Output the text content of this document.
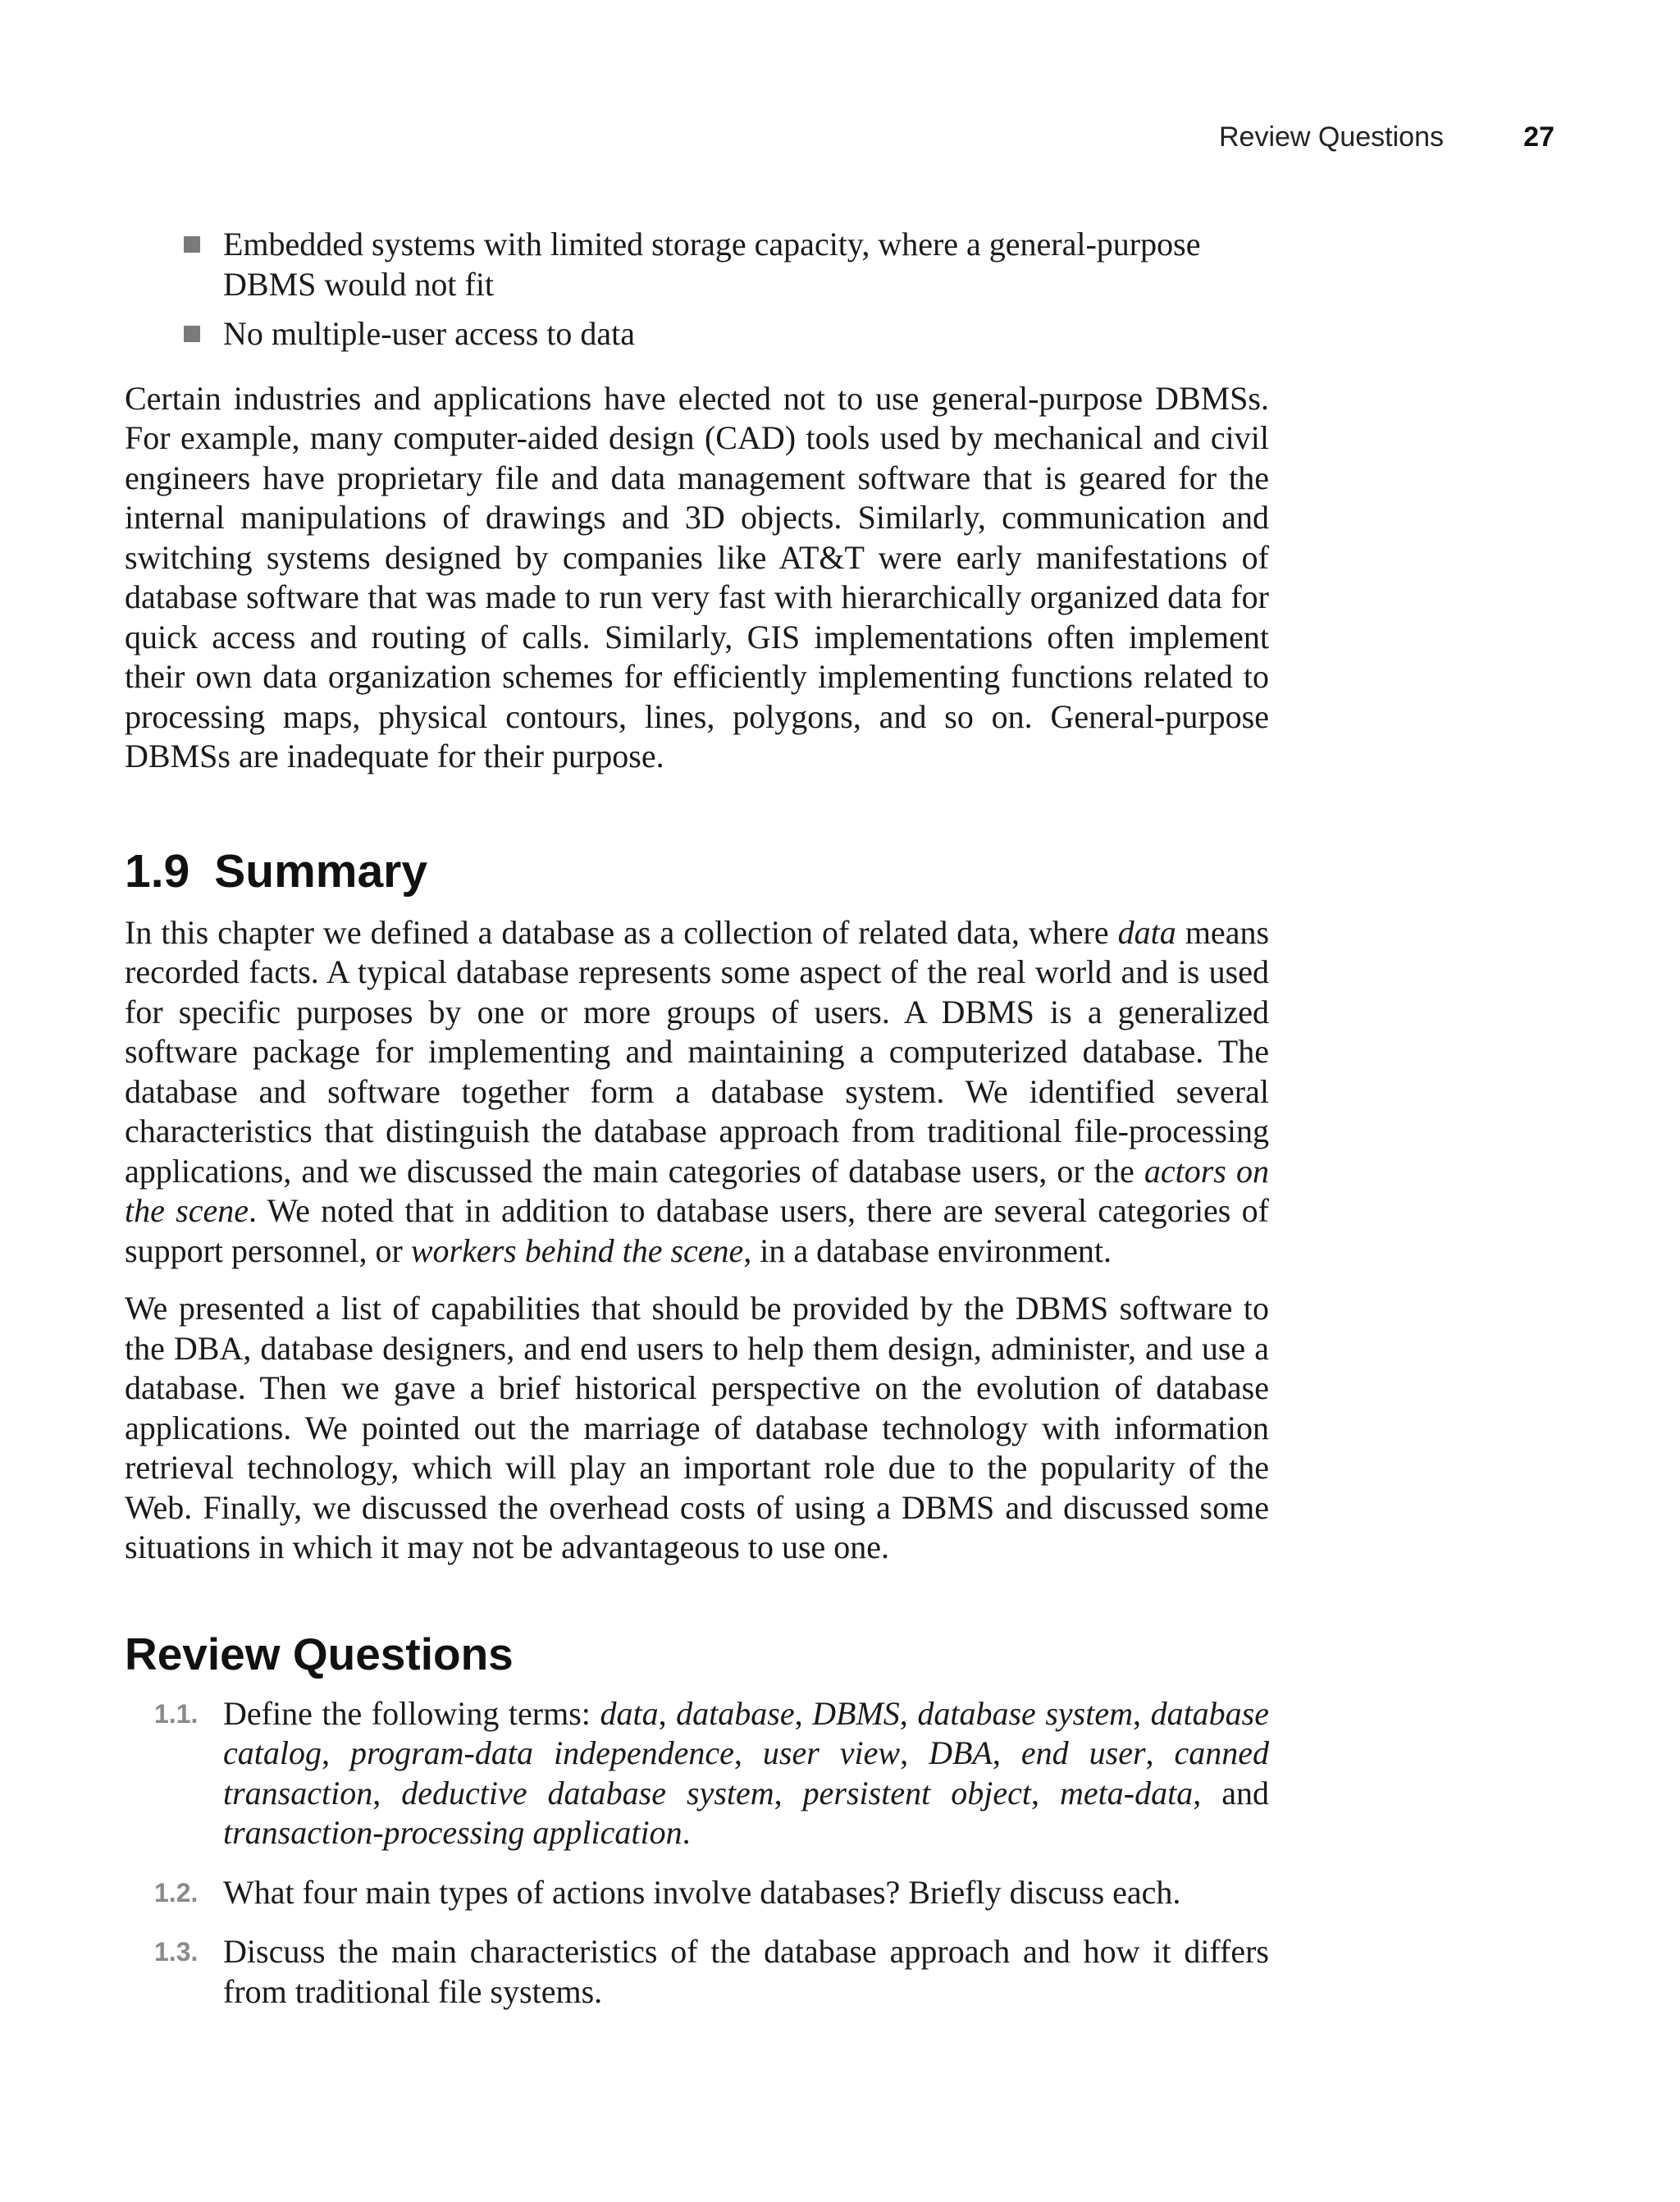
Review Questions	27
Embedded systems with limited storage capacity, where a general-purpose DBMS would not fit
No multiple-user access to data

Certain industries and applications have elected not to use general-purpose DBMSs. For example, many computer-aided design (CAD) tools used by mechanical and civil engineers have proprietary file and data management software that is geared for the internal manipulations of drawings and 3D objects. Similarly, communication and switching systems designed by companies like AT&T were early manifestations of database software that was made to run very fast with hierarchically organized data for quick access and routing of calls. Similarly, GIS implementations often implement their own data organization schemes for efficiently implementing functions related to processing maps, physical contours, lines, polygons, and so on. General-purpose DBMSs are inadequate for their purpose.

1.9 Summary

In this chapter we defined a database as a collection of related data, where data means recorded facts. A typical database represents some aspect of the real world and is used for specific purposes by one or more groups of users. A DBMS is a generalized software package for implementing and maintaining a computerized database. The database and software together form a database system. We identified several characteristics that distinguish the database approach from traditional file-processing applications, and we discussed the main categories of database users, or the actors on the scene. We noted that in addition to database users, there are several categories of support personnel, or workers behind the scene, in a database environment.

We presented a list of capabilities that should be provided by the DBMS software to the DBA, database designers, and end users to help them design, administer, and use a database. Then we gave a brief historical perspective on the evolution of database applications. We pointed out the marriage of database technology with information retrieval technology, which will play an important role due to the popularity of the Web. Finally, we discussed the overhead costs of using a DBMS and discussed some situations in which it may not be advantageous to use one.

Review Questions
1.1. Define the following terms: data, database, DBMS, database system, database catalog, program-data independence, user view, DBA, end user, canned transaction, deductive database system, persistent object, meta-data, and transaction-processing application.
1.2. What four main types of actions involve databases? Briefly discuss each.
1.3. Discuss the main characteristics of the database approach and how it differs from traditional file systems.
